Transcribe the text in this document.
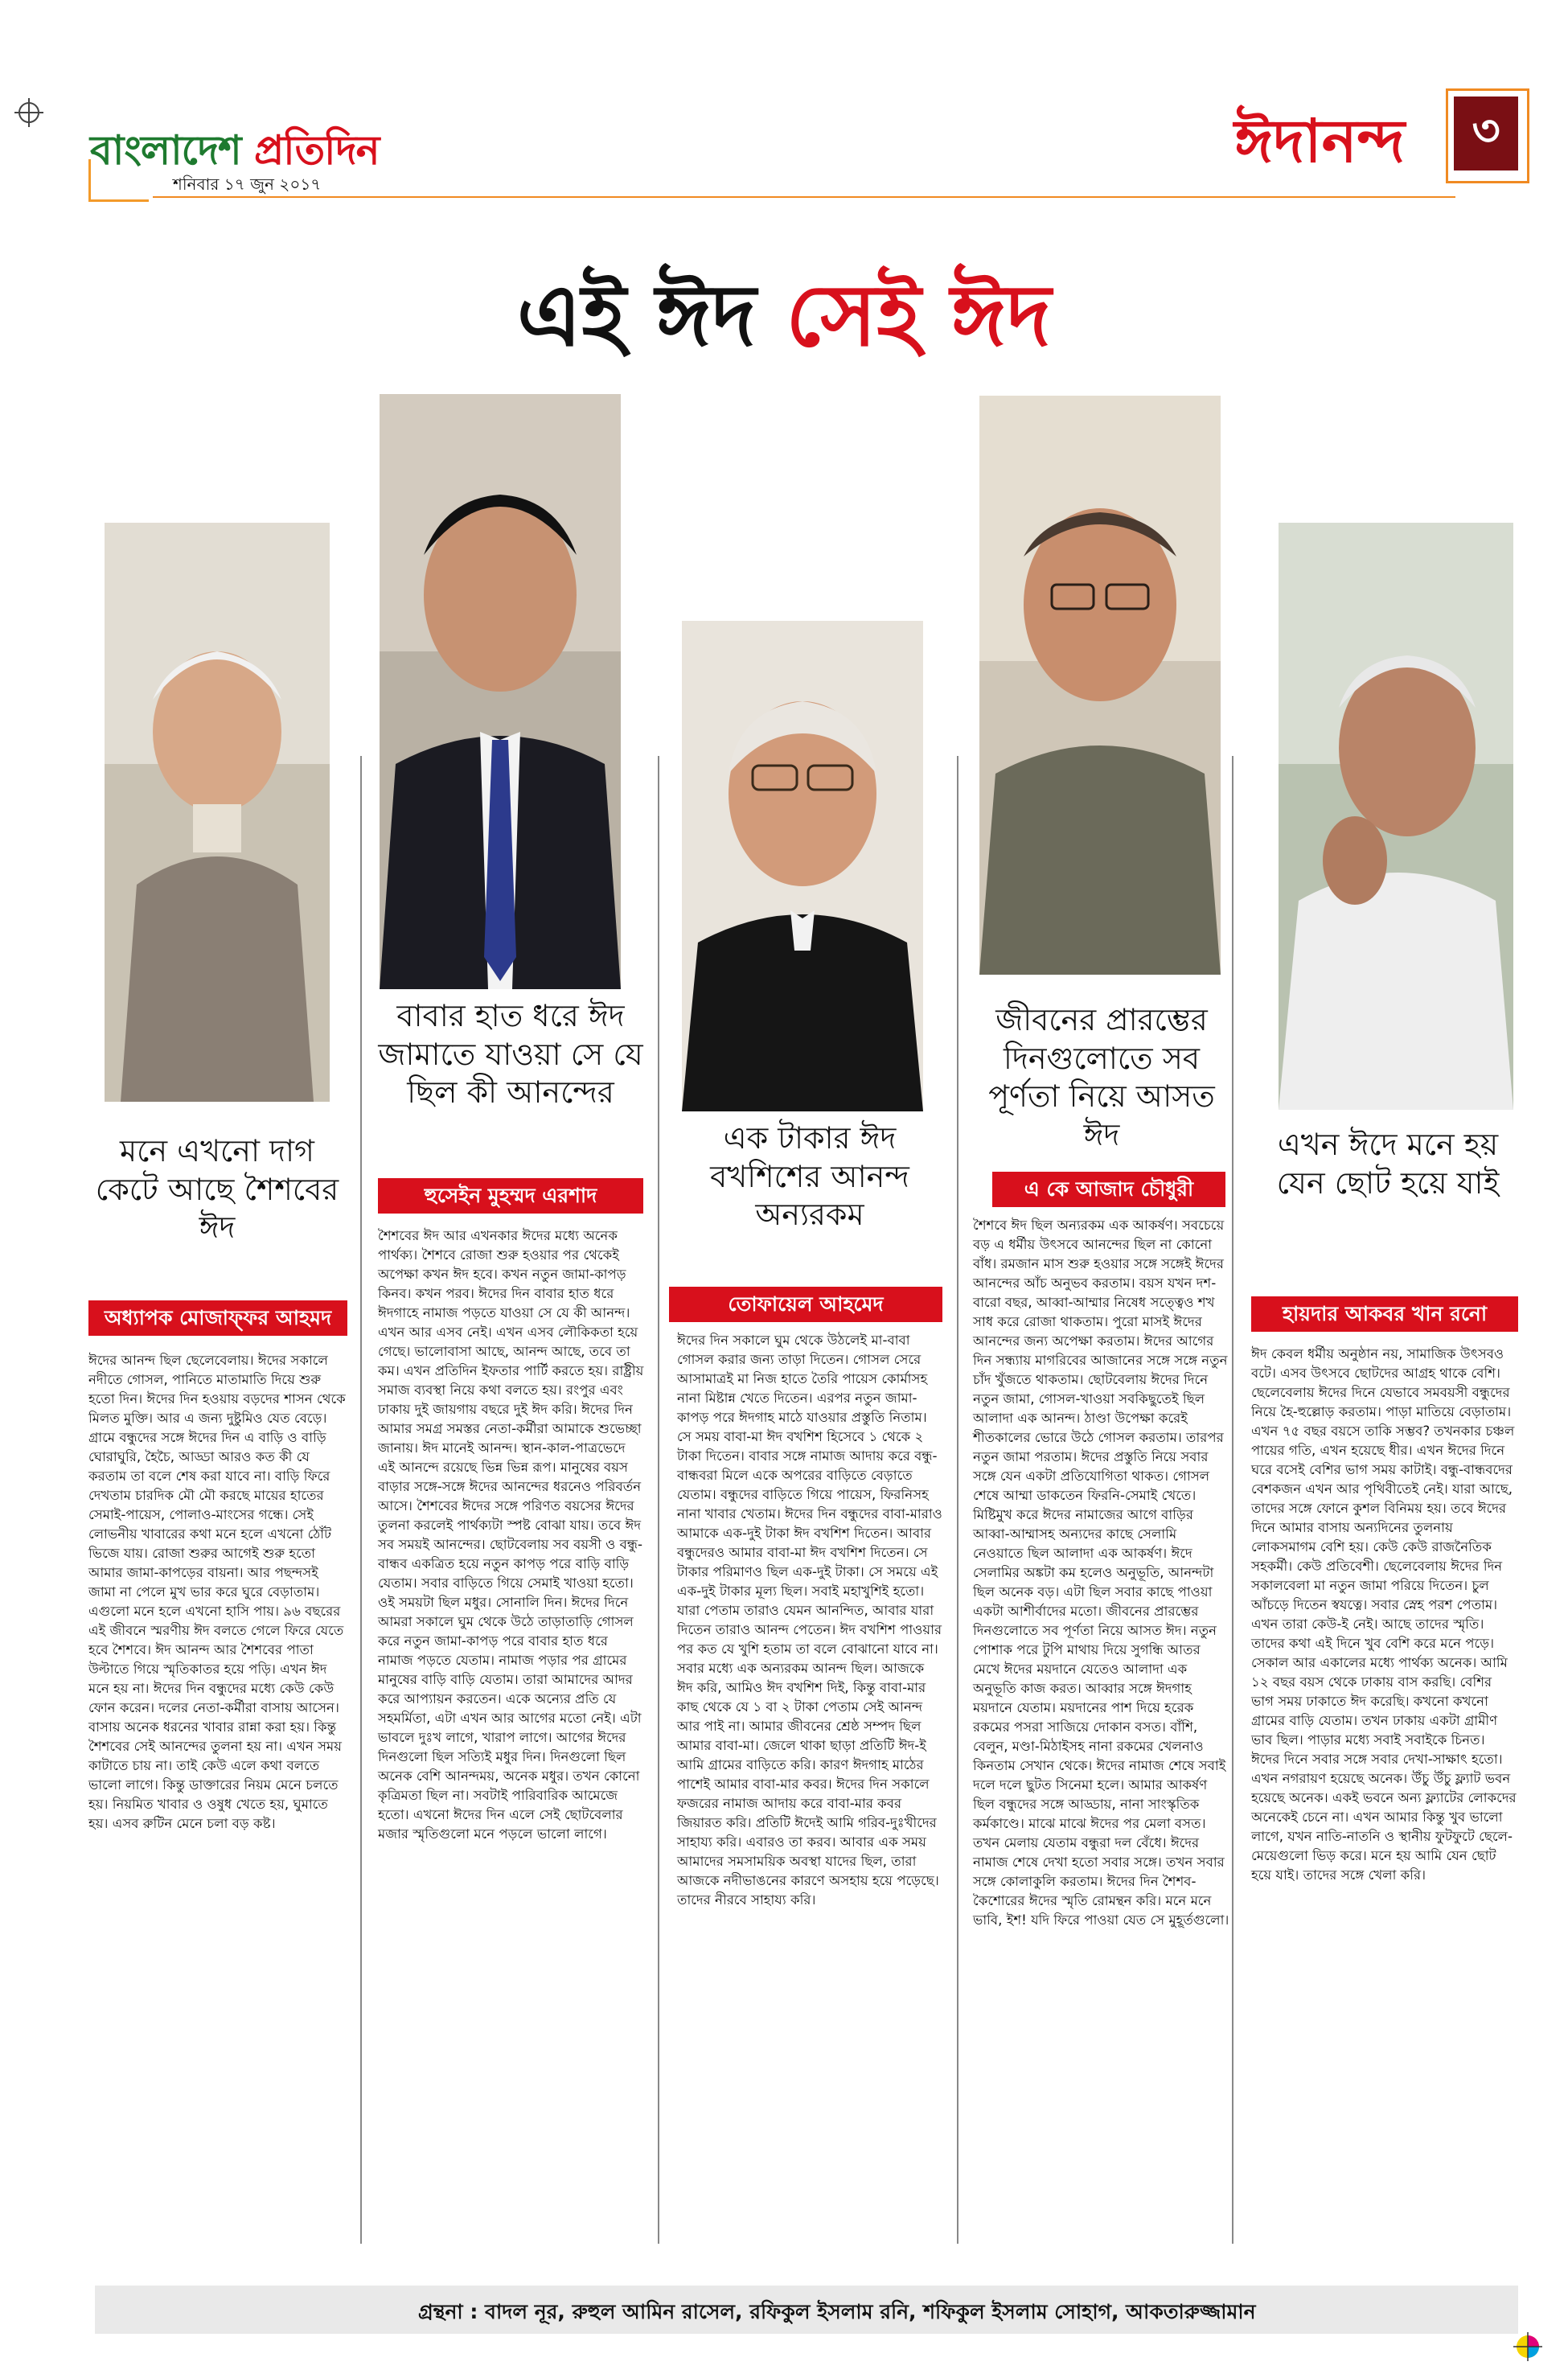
বাংলাদেশ প্রতিদিন
শনিবার ১৭ জুন ২০১৭
ঈদানন্দ	৩
এই ঈদ সেই ঈদ
মনে এখনো দাগ কেটে আছে শৈশবের ঈদ
অধ্যাপক মোজাফ্ফর আহমদ

ঈদের আনন্দ ছিল ছেলেবেলায়। ঈদের সকালে নদীতে গোসল, পানিতে মাতামাতি দিয়ে শুরু হতো দিন। ঈদের দিন হওয়ায় বড়দের শাসন থেকে মিলত মুক্তি। আর এ জন্য দুষ্টুমিও যেত বেড়ে। গ্রামে বন্ধুদের সঙ্গে ঈদের দিন এ বাড়ি ও বাড়ি ঘোরাঘুরি, হৈচৈ, আড্ডা আরও কত কী যে করতাম তা বলে শেষ করা যাবে না। বাড়ি ফিরে দেখতাম চারদিক মৌ মৌ করছে মায়ের হাতের সেমাই-পায়েস, পোলাও-মাংসের গন্ধে। সেই লোভনীয় খাবারের কথা মনে হলে এখনো ঠোঁট ভিজে যায়। রোজা শুরুর আগেই শুরু হতো আমার জামা-কাপড়ের বায়না। আর পছন্দসই জামা না পেলে মুখ ভার করে ঘুরে বেড়াতাম। এগুলো মনে হলে এখনো হাসি পায়। ৯৬ বছরের এই জীবনে স্মরণীয় ঈদ বলতে গেলে ফিরে যেতে হবে শৈশবে। ঈদ আনন্দ আর শৈশবের পাতা উল্টাতে গিয়ে স্মৃতিকাতর হয়ে পড়ি। এখন ঈদ মনে হয় না। ঈদের দিন বন্ধুদের মধ্যে কেউ কেউ ফোন করেন। দলের নেতা-কর্মীরা বাসায় আসেন। বাসায় অনেক ধরনের খাবার রান্না করা হয়। কিন্তু শৈশবের সেই আনন্দের তুলনা হয় না। এখন সময় কাটাতে চায় না। তাই কেউ এলে কথা বলতে ভালো লাগে। কিন্তু ডাক্তারের নিয়ম মেনে চলতে হয়। নিয়মিত খাবার ও ওষুধ খেতে হয়, ঘুমাতে হয়। এসব রুটিন মেনে চলা বড় কষ্ট।

বাবার হাত ধরে ঈদ জামাতে যাওয়া সে যে ছিল কী আনন্দের
হুসেইন মুহম্মদ এরশাদ

শৈশবের ঈদ আর এখনকার ঈদের মধ্যে অনেক পার্থক্য। শৈশবে রোজা শুরু হওয়ার পর থেকেই অপেক্ষা কখন ঈদ হবে। কখন নতুন জামা-কাপড় কিনব। কখন পরব। ঈদের দিন বাবার হাত ধরে ঈদগাহে নামাজ পড়তে যাওয়া সে যে কী আনন্দ। এখন আর এসব নেই। এখন এসব লৌকিকতা হয়ে গেছে। ভালোবাসা আছে, আনন্দ আছে, তবে তা কম। এখন প্রতিদিন ইফতার পার্টি করতে হয়। রাষ্ট্রীয় সমাজ ব্যবস্থা নিয়ে কথা বলতে হয়। রংপুর এবং ঢাকায় দুই জায়গায় বছরে দুই ঈদ করি। ঈদের দিন আমার সমগ্র সমস্তর নেতা-কর্মীরা আমাকে শুভেচ্ছা জানায়। ঈদ মানেই আনন্দ। স্থান-কাল-পাত্রভেদে এই আনন্দে রয়েছে ভিন্ন ভিন্ন রূপ। মানুষের বয়স বাড়ার সঙ্গে-সঙ্গে ঈদের আনন্দের ধরনেও পরিবর্তন আসে। শৈশবের ঈদের সঙ্গে পরিণত বয়সের ঈদের তুলনা করলেই পার্থক্যটা স্পষ্ট বোঝা যায়। তবে ঈদ সব সময়ই আনন্দের। ছোটবেলায় সব বয়সী ও বন্ধু-বান্ধব একত্রিত হয়ে নতুন কাপড় পরে বাড়ি বাড়ি যেতাম। সবার বাড়িতে গিয়ে সেমাই খাওয়া হতো। ওই সময়টা ছিল মধুর। সোনালি দিন। ঈদের দিনে আমরা সকালে ঘুম থেকে উঠে তাড়াতাড়ি গোসল করে নতুন জামা-কাপড় পরে বাবার হাত ধরে নামাজ পড়তে যেতাম। নামাজ পড়ার পর গ্রামের মানুষের বাড়ি বাড়ি যেতাম। তারা আমাদের আদর করে আপ্যায়ন করতেন। একে অন্যের প্রতি যে সহমর্মিতা, এটা এখন আর আগের মতো নেই। এটা ভাবলে দুঃখ লাগে, খারাপ লাগে। আগের ঈদের দিনগুলো ছিল সত্যিই মধুর দিন। দিনগুলো ছিল অনেক বেশি আনন্দময়, অনেক মধুর। তখন কোনো কৃত্রিমতা ছিল না। সবটাই পারিবারিক আমেজে হতো। এখনো ঈদের দিন এলে সেই ছোটবেলার মজার স্মৃতিগুলো মনে পড়লে ভালো লাগে।

এক টাকার ঈদ বখশিশের আনন্দ অন্যরকম
তোফায়েল আহমেদ

ঈদের দিন সকালে ঘুম থেকে উঠলেই মা-বাবা গোসল করার জন্য তাড়া দিতেন। গোসল সেরে আসামাত্রই মা নিজ হাতে তৈরি পায়েস কোর্মাসহ নানা মিষ্টান্ন খেতে দিতেন। এরপর নতুন জামা-কাপড় পরে ঈদগাহ মাঠে যাওয়ার প্রস্তুতি নিতাম। সে সময় বাবা-মা ঈদ বখশিশ হিসেবে ১ থেকে ২ টাকা দিতেন। বাবার সঙ্গে নামাজ আদায় করে বন্ধু-বান্ধবরা মিলে একে অপরের বাড়িতে বেড়াতে যেতাম। বন্ধুদের বাড়িতে গিয়ে পায়েস, ফিরনিসহ নানা খাবার খেতাম। ঈদের দিন বন্ধুদের বাবা-মারাও আমাকে এক-দুই টাকা ঈদ বখশিশ দিতেন। আবার বন্ধুদেরও আমার বাবা-মা ঈদ বখশিশ দিতেন। সে টাকার পরিমাণও ছিল এক-দুই টাকা। সে সময়ে এই এক-দুই টাকার মূল্য ছিল। সবাই মহাখুশিই হতো। যারা পেতাম তারাও যেমন আনন্দিত, আবার যারা দিতেন তারাও আনন্দ পেতেন। ঈদ বখশিশ পাওয়ার পর কত যে খুশি হতাম তা বলে বোঝানো যাবে না। সবার মধ্যে এক অন্যরকম আনন্দ ছিল। আজকে ঈদ করি, আমিও ঈদ বখশিশ দিই, কিন্তু বাবা-মার কাছ থেকে যে ১ বা ২ টাকা পেতাম সেই আনন্দ আর পাই না। আমার জীবনের শ্রেষ্ঠ সম্পদ ছিল আমার বাবা-মা। জেলে থাকা ছাড়া প্রতিটি ঈদ-ই আমি গ্রামের বাড়িতে করি। কারণ ঈদগাহ মাঠের পাশেই আমার বাবা-মার কবর। ঈদের দিন সকালে ফজরের নামাজ আদায় করে বাবা-মার কবর জিয়ারত করি। প্রতিটি ঈদেই আমি গরিব-দুঃখীদের সাহায্য করি। এবারও তা করব। আবার এক সময় আমাদের সমসাময়িক অবস্থা যাদের ছিল, তারা আজকে নদীভাঙনের কারণে অসহায় হয়ে পড়েছে। তাদের নীরবে সাহায্য করি।

জীবনের প্রারম্ভের দিনগুলোতে সব পূর্ণতা নিয়ে আসত ঈদ
এ কে আজাদ চৌধুরী

শৈশবে ঈদ ছিল অন্যরকম এক আকর্ষণ। সবচেয়ে বড় এ ধর্মীয় উৎসবে আনন্দের ছিল না কোনো বাঁধ। রমজান মাস শুরু হওয়ার সঙ্গে সঙ্গেই ঈদের আনন্দের আঁচ অনুভব করতাম। বয়স যখন দশ-বারো বছর, আব্বা-আম্মার নিষেধ সত্ত্বেও শখ সাধ করে রোজা থাকতাম। পুরো মাসই ঈদের আনন্দের জন্য অপেক্ষা করতাম। ঈদের আগের দিন সন্ধ্যায় মাগরিবের আজানের সঙ্গে সঙ্গে নতুন চাঁদ খুঁজতে থাকতাম। ছোটবেলায় ঈদের দিনে নতুন জামা, গোসল-খাওয়া সবকিছুতেই ছিল আলাদা এক আনন্দ। ঠাণ্ডা উপেক্ষা করেই শীতকালের ভোরে উঠে গোসল করতাম। তারপর নতুন জামা পরতাম। ঈদের প্রস্তুতি নিয়ে সবার সঙ্গে যেন একটা প্রতিযোগিতা থাকত। গোসল শেষে আম্মা ডাকতেন ফিরনি-সেমাই খেতে। মিষ্টিমুখ করে ঈদের নামাজের আগে বাড়ির আব্বা-আম্মাসহ অন্যদের কাছে সেলামি নেওয়াতে ছিল আলাদা এক আকর্ষণ। ঈদে সেলামির অঙ্কটা কম হলেও অনুভূতি, আনন্দটা ছিল অনেক বড়। এটা ছিল সবার কাছে পাওয়া একটা আশীর্বাদের মতো। জীবনের প্রারম্ভের দিনগুলোতে সব পূর্ণতা নিয়ে আসত ঈদ। নতুন পোশাক পরে টুপি মাথায় দিয়ে সুগন্ধি আতর মেখে ঈদের ময়দানে যেতেও আলাদা এক অনুভূতি কাজ করত। আব্বার সঙ্গে ঈদগাহ ময়দানে যেতাম। ময়দানের পাশ দিয়ে হরেক রকমের পসরা সাজিয়ে দোকান বসত। বাঁশি, বেলুন, মণ্ডা-মিঠাইসহ নানা রকমের খেলনাও কিনতাম সেখান থেকে। ঈদের নামাজ শেষে সবাই দলে দলে ছুটত সিনেমা হলে। আমার আকর্ষণ ছিল বন্ধুদের সঙ্গে আড্ডায়, নানা সাংস্কৃতিক কর্মকাণ্ডে। মাঝে মাঝে ঈদের পর মেলা বসত। তখন মেলায় যেতাম বন্ধুরা দল বেঁধে। ঈদের নামাজ শেষে দেখা হতো সবার সঙ্গে। তখন সবার সঙ্গে কোলাকুলি করতাম। ঈদের দিন শৈশব-কৈশোরের ঈদের স্মৃতি রোমন্থন করি। মনে মনে ভাবি, ইশ! যদি ফিরে পাওয়া যেত সে মুহূর্তগুলো।

এখন ঈদে মনে হয় যেন ছোট হয়ে যাই
হায়দার আকবর খান রনো

ঈদ কেবল ধর্মীয় অনুষ্ঠান নয়, সামাজিক উৎসবও বটে। এসব উৎসবে ছোটদের আগ্রহ থাকে বেশি। ছেলেবেলায় ঈদের দিনে যেভাবে সমবয়সী বন্ধুদের নিয়ে হৈ-হুল্লোড় করতাম। পাড়া মাতিয়ে বেড়াতাম। এখন ৭৫ বছর বয়সে তাকি সম্ভব? তখনকার চঞ্চল পায়ের গতি, এখন হয়েছে ধীর। এখন ঈদের দিনে ঘরে বসেই বেশির ভাগ সময় কাটাই। বন্ধু-বান্ধবদের বেশকজন এখন আর পৃথিবীতেই নেই। যারা আছে, তাদের সঙ্গে ফোনে কুশল বিনিময় হয়। তবে ঈদের দিনে আমার বাসায় অন্যদিনের তুলনায় লোকসমাগম বেশি হয়। কেউ কেউ রাজনৈতিক সহকর্মী। কেউ প্রতিবেশী। ছেলেবেলায় ঈদের দিন সকালবেলা মা নতুন জামা পরিয়ে দিতেন। চুল আঁচড়ে দিতেন স্বযত্নে। সবার স্নেহ পরশ পেতাম। এখন তারা কেউ-ই নেই। আছে তাদের স্মৃতি। তাদের কথা এই দিনে খুব বেশি করে মনে পড়ে। সেকাল আর একালের মধ্যে পার্থক্য অনেক। আমি ১২ বছর বয়স থেকে ঢাকায় বাস করছি। বেশির ভাগ সময় ঢাকাতে ঈদ করেছি। কখনো কখনো গ্রামের বাড়ি যেতাম। তখন ঢাকায় একটা গ্রামীণ ভাব ছিল। পাড়ার মধ্যে সবাই সবাইকে চিনত। ঈদের দিনে সবার সঙ্গে সবার দেখা-সাক্ষাৎ হতো। এখন নগরায়ণ হয়েছে অনেক। উঁচু উঁচু ফ্ল্যাট ভবন হয়েছে অনেক। একই ভবনে অন্য ফ্ল্যাটের লোকদের অনেকেই চেনে না। এখন আমার কিন্তু খুব ভালো লাগে, যখন নাতি-নাতনি ও স্থানীয় ফুটফুটে ছেলে-মেয়েগুলো ভিড় করে। মনে হয় আমি যেন ছোট হয়ে যাই। তাদের সঙ্গে খেলা করি।

গ্রন্থনা : বাদল নূর, রুহুল আমিন রাসেল, রফিকুল ইসলাম রনি, শফিকুল ইসলাম সোহাগ, আকতারুজ্জামান
